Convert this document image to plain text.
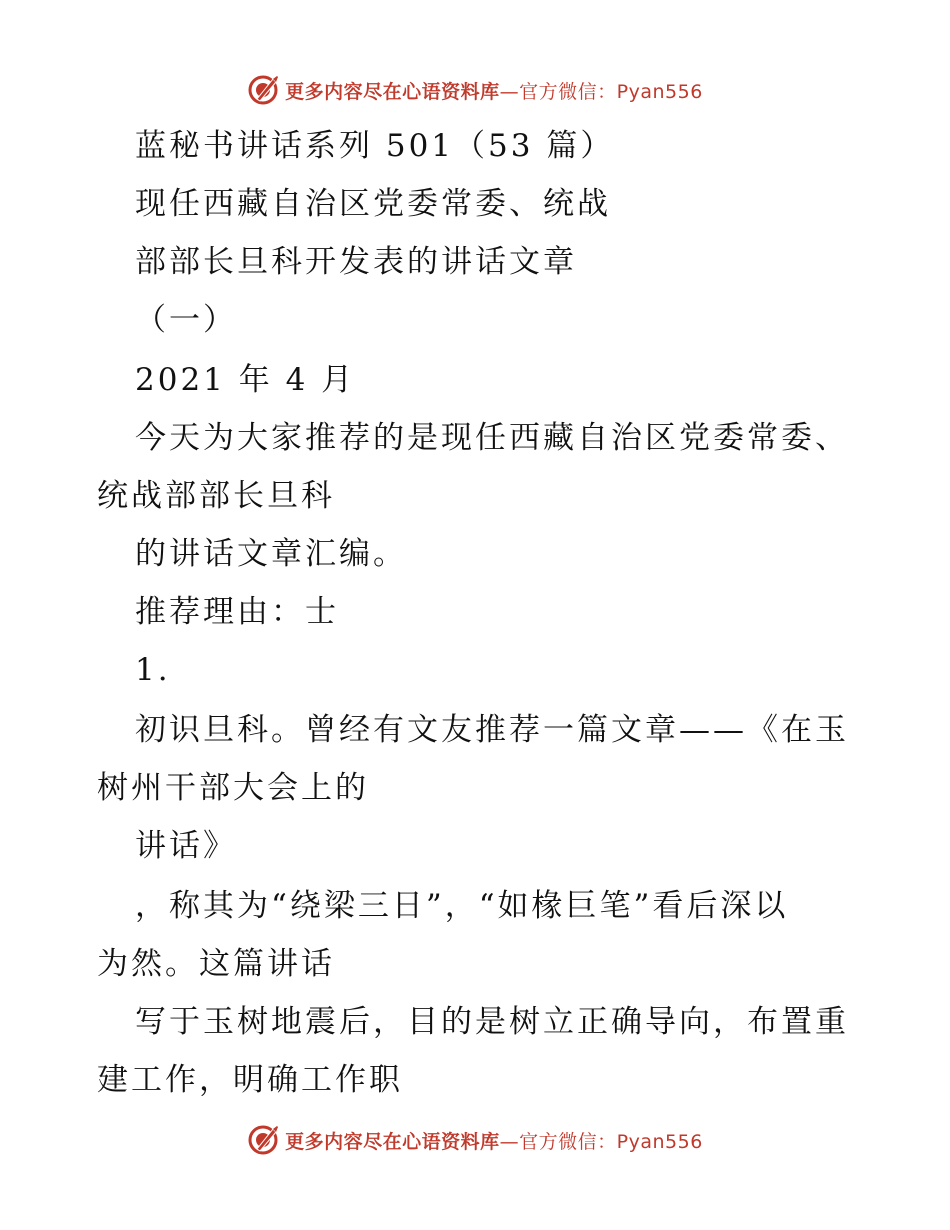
更多内容尽在心语资料库—官方微信：Pyan556
蓝秘书讲话系列 501（53 篇）
现任西藏自治区党委常委、统战
部部长旦科开发表的讲话文章
（一）
2021 年 4 月
今天为大家推荐的是现任西藏自治区党委常委、
统战部部长旦科
的讲话文章汇编。
推荐理由：士
1.
初识旦科。曾经有文友推荐一篇文章——《在玉
树州干部大会上的
讲话》
，称其为“绕梁三日”，“如椽巨笔”看后深以
为然。这篇讲话
写于玉树地震后，目的是树立正确导向，布置重
建工作，明确工作职
更多内容尽在心语资料库—官方微信：Pyan556
